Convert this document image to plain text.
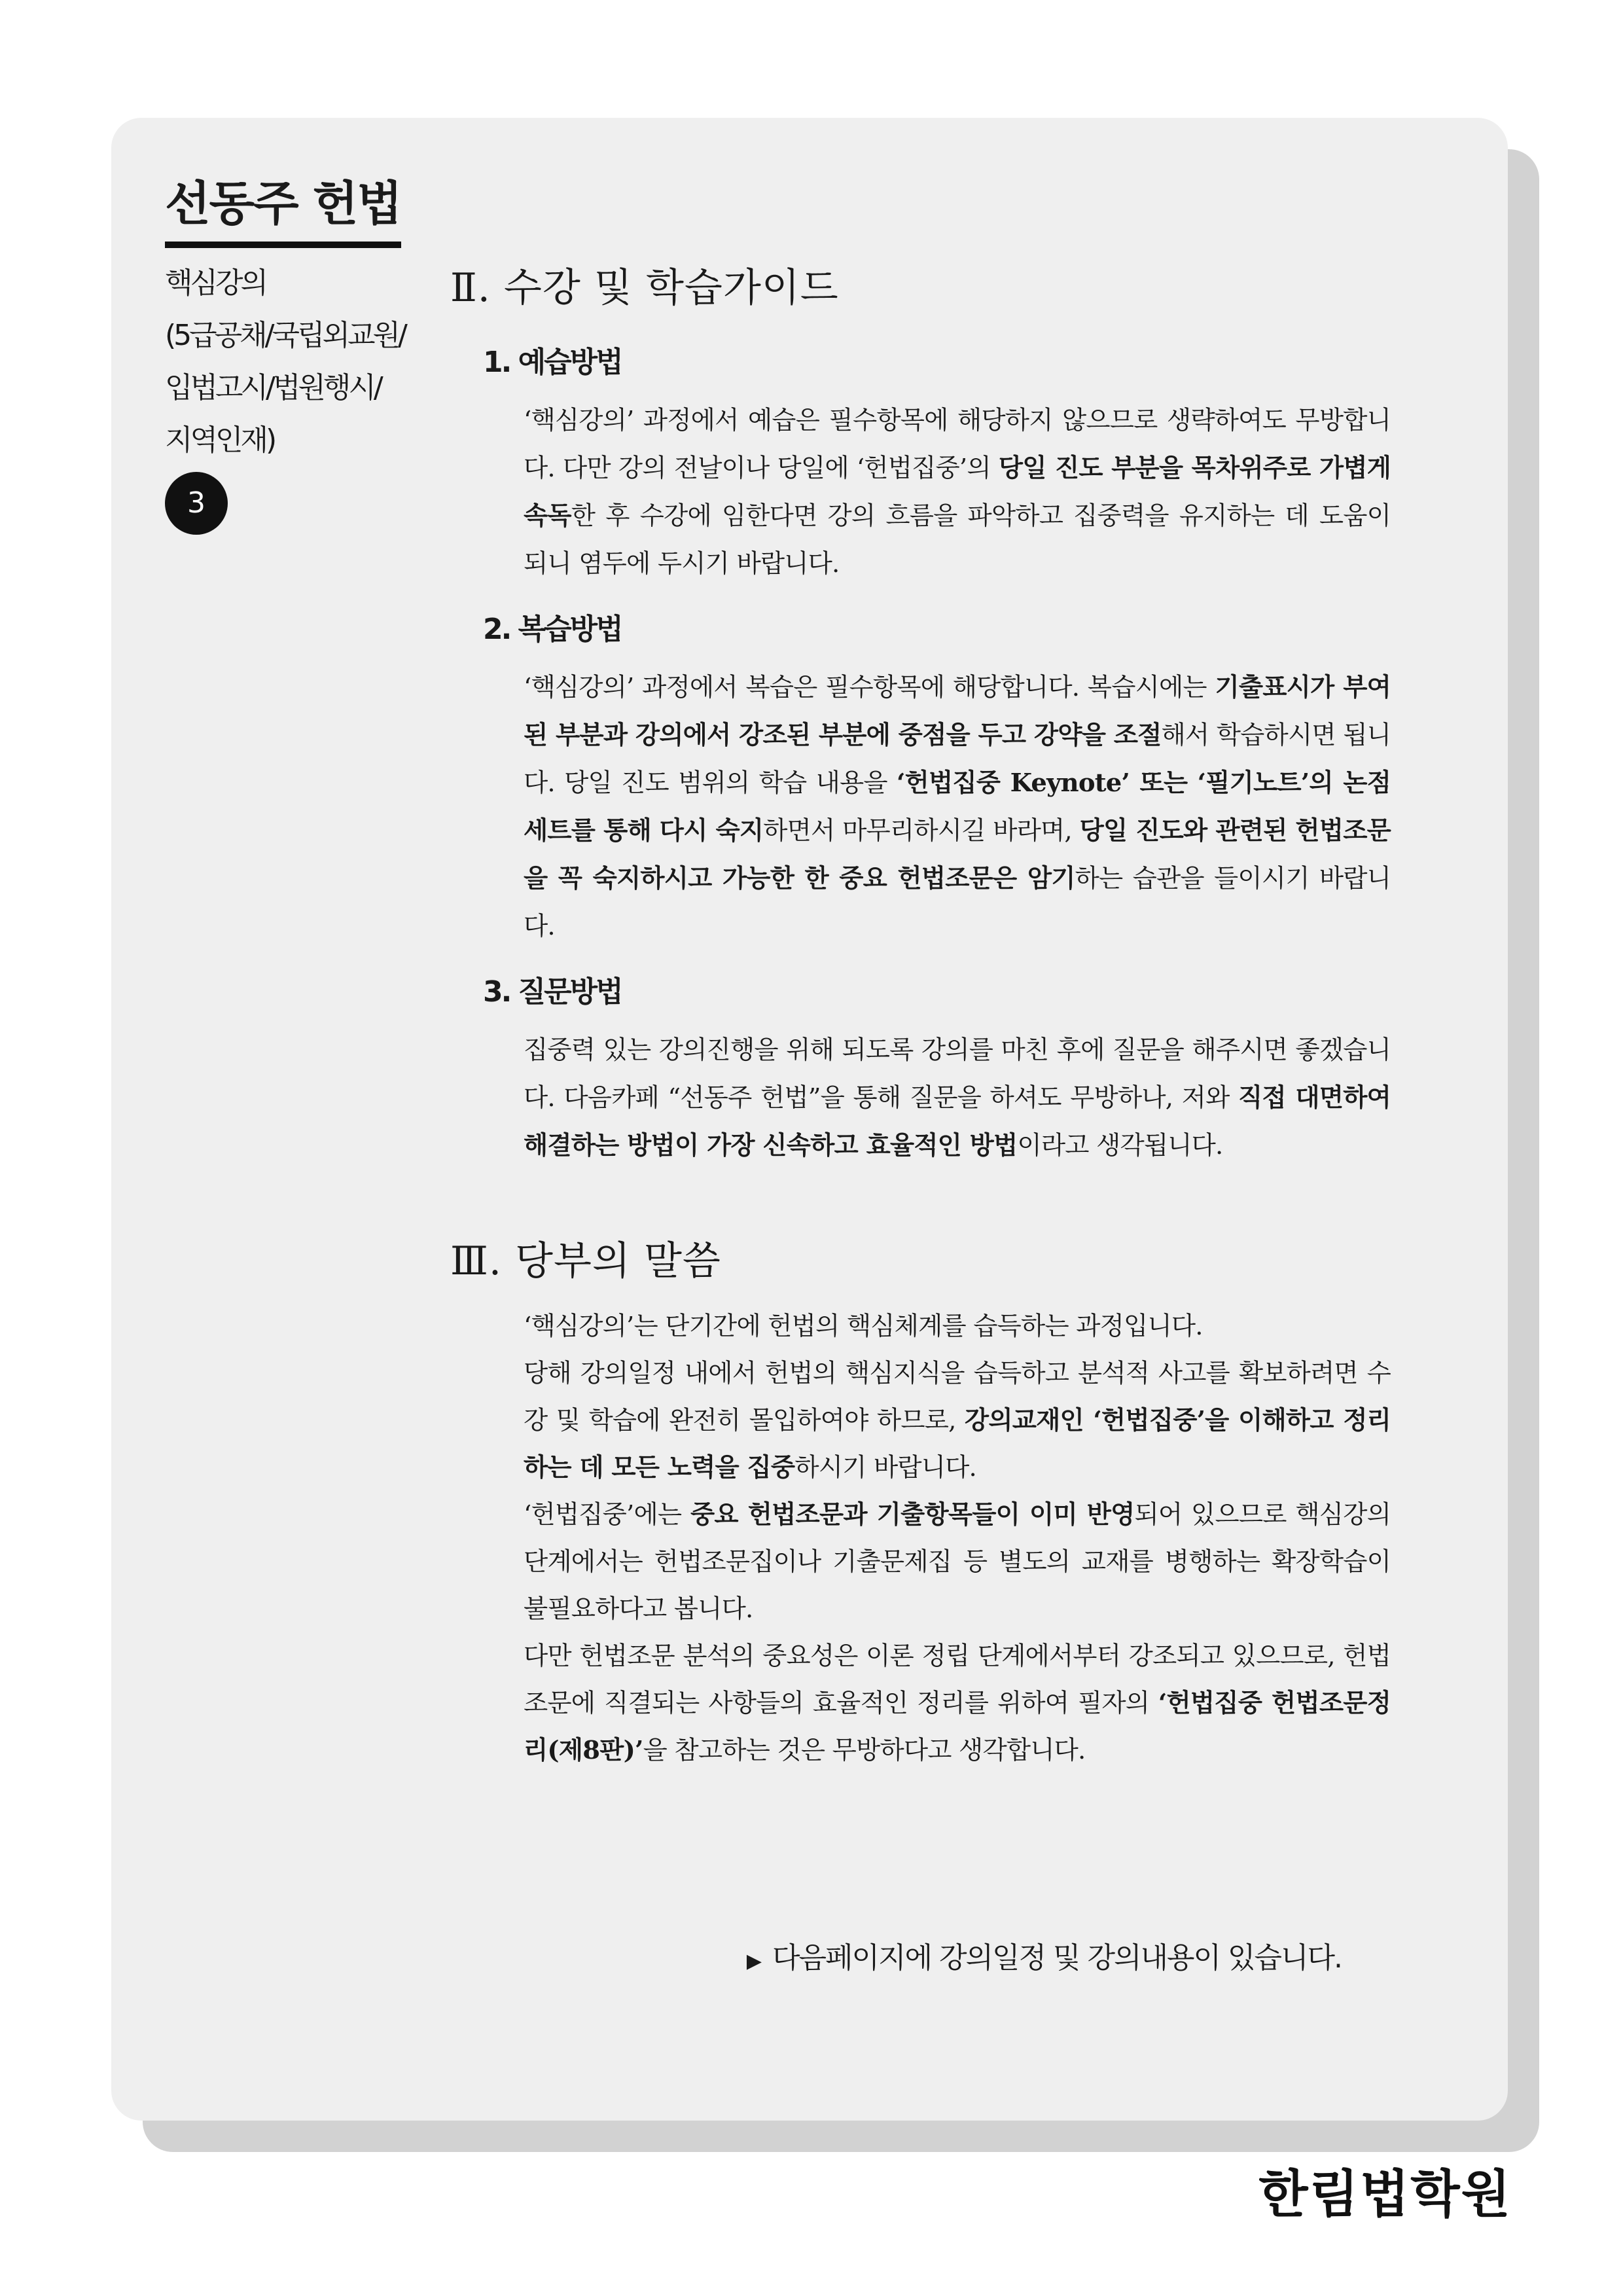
선동주 헌법
핵심강의
(5급공채/국립외교원/
입법고시/법원행시/
지역인재)
3
Ⅱ. 수강 및 학습가이드
1. 예습방법

‘핵심강의’ 과정에서 예습은 필수항목에 해당하지 않으므로 생략하여도 무방합니다. 다만 강의 전날이나 당일에 ‘헌법집중’의 당일 진도 부분을 목차위주로 가볍게 속독한 후 수강에 임한다면 강의 흐름을 파악하고 집중력을 유지하는 데 도움이 되니 염두에 두시기 바랍니다.

2. 복습방법

‘핵심강의’ 과정에서 복습은 필수항목에 해당합니다. 복습시에는 기출표시가 부여된 부분과 강의에서 강조된 부분에 중점을 두고 강약을 조절해서 학습하시면 됩니다. 당일 진도 범위의 학습 내용을 ‘헌법집중 Keynote’ 또는 ‘필기노트’의 논점세트를 통해 다시 숙지하면서 마무리하시길 바라며, 당일 진도와 관련된 헌법조문을 꼭 숙지하시고 가능한 한 중요 헌법조문은 암기하는 습관을 들이시기 바랍니다.

3. 질문방법

집중력 있는 강의진행을 위해 되도록 강의를 마친 후에 질문을 해주시면 좋겠습니다. 다음카페 “선동주 헌법”을 통해 질문을 하셔도 무방하나, 저와 직접 대면하여 해결하는 방법이 가장 신속하고 효율적인 방법이라고 생각됩니다.

Ⅲ. 당부의 말씀

‘핵심강의’는 단기간에 헌법의 핵심체계를 습득하는 과정입니다.

당해 강의일정 내에서 헌법의 핵심지식을 습득하고 분석적 사고를 확보하려면 수강 및 학습에 완전히 몰입하여야 하므로, 강의교재인 ‘헌법집중’을 이해하고 정리하는 데 모든 노력을 집중하시기 바랍니다.

‘헌법집중’에는 중요 헌법조문과 기출항목들이 이미 반영되어 있으므로 핵심강의 단계에서는 헌법조문집이나 기출문제집 등 별도의 교재를 병행하는 확장학습이 불필요하다고 봅니다.

다만 헌법조문 분석의 중요성은 이론 정립 단계에서부터 강조되고 있으므로, 헌법조문에 직결되는 사항들의 효율적인 정리를 위하여 필자의 ‘헌법집중 헌법조문정리(제8판)’을 참고하는 것은 무방하다고 생각합니다.

▶ 다음페이지에 강의일정 및 강의내용이 있습니다.
한림법학원
